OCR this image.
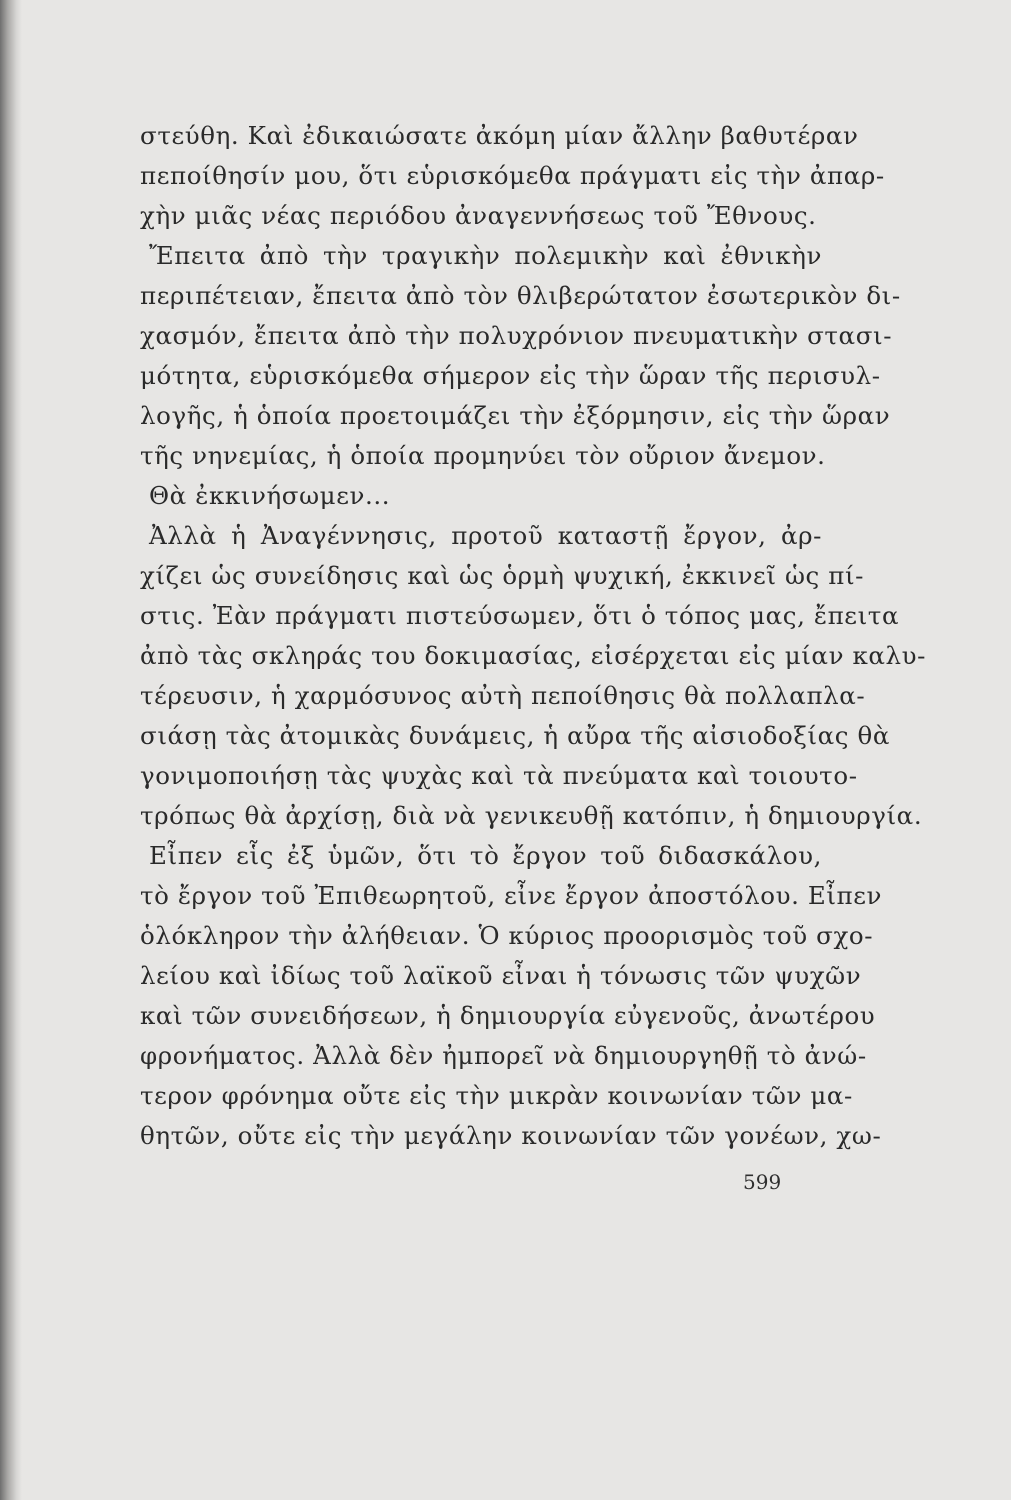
στεύθη. Καὶ ἐδικαιώσατε ἀκόμη μίαν ἄλλην βαθυτέραν
πεποίθησίν μου, ὅτι εὑρισκόμεθα πράγματι εἰς τὴν ἀπαρ-
χὴν μιᾶς νέας περιόδου ἀναγεννήσεως τοῦ Ἔθνους.
Ἔπειτα ἀπὸ τὴν τραγικὴν πολεμικὴν καὶ ἐθνικὴν
περιπέτειαν, ἔπειτα ἀπὸ τὸν θλιβερώτατον ἐσωτερικὸν δι-
χασμόν, ἔπειτα ἀπὸ τὴν πολυχρόνιον πνευματικὴν στασι-
μότητα, εὑρισκόμεθα σήμερον εἰς τὴν ὥραν τῆς περισυλ-
λογῆς, ἡ ὁποία προετοιμάζει τὴν ἐξόρμησιν, εἰς τὴν ὥραν
τῆς νηνεμίας, ἡ ὁποία προμηνύει τὸν οὔριον ἄνεμον.
Θὰ ἐκκινήσωμεν...
Ἀλλὰ ἡ Ἀναγέννησις, προτοῦ καταστῇ ἔργον, ἀρ-
χίζει ὡς συνείδησις καὶ ὡς ὁρμὴ ψυχική, ἐκκινεῖ ὡς πί-
στις. Ἐὰν πράγματι πιστεύσωμεν, ὅτι ὁ τόπος μας, ἔπειτα
ἀπὸ τὰς σκληράς του δοκιμασίας, εἰσέρχεται εἰς μίαν καλυ-
τέρευσιν, ἡ χαρμόσυνος αὐτὴ πεποίθησις θὰ πολλαπλα-
σιάσῃ τὰς ἀτομικὰς δυνάμεις, ἡ αὔρα τῆς αἰσιοδοξίας θὰ
γονιμοποιήσῃ τὰς ψυχὰς καὶ τὰ πνεύματα καὶ τοιουτο-
τρόπως θὰ ἀρχίσῃ, διὰ νὰ γενικευθῇ κατόπιν, ἡ δημιουργία.
Εἶπεν εἷς ἐξ ὑμῶν, ὅτι τὸ ἔργον τοῦ διδασκάλου,
τὸ ἔργον τοῦ Ἐπιθεωρητοῦ, εἶνε ἔργον ἀποστόλου. Εἶπεν
ὁλόκληρον τὴν ἀλήθειαν. Ὁ κύριος προορισμὸς τοῦ σχο-
λείου καὶ ἰδίως τοῦ λαϊκοῦ εἶναι ἡ τόνωσις τῶν ψυχῶν
καὶ τῶν συνειδήσεων, ἡ δημιουργία εὐγενοῦς, ἀνωτέρου
φρονήματος. Ἀλλὰ δὲν ἠμπορεῖ νὰ δημιουργηθῇ τὸ ἀνώ-
τερον φρόνημα οὔτε εἰς τὴν μικρὰν κοινωνίαν τῶν μα-
θητῶν, οὔτε εἰς τὴν μεγάλην κοινωνίαν τῶν γονέων, χω-
599
